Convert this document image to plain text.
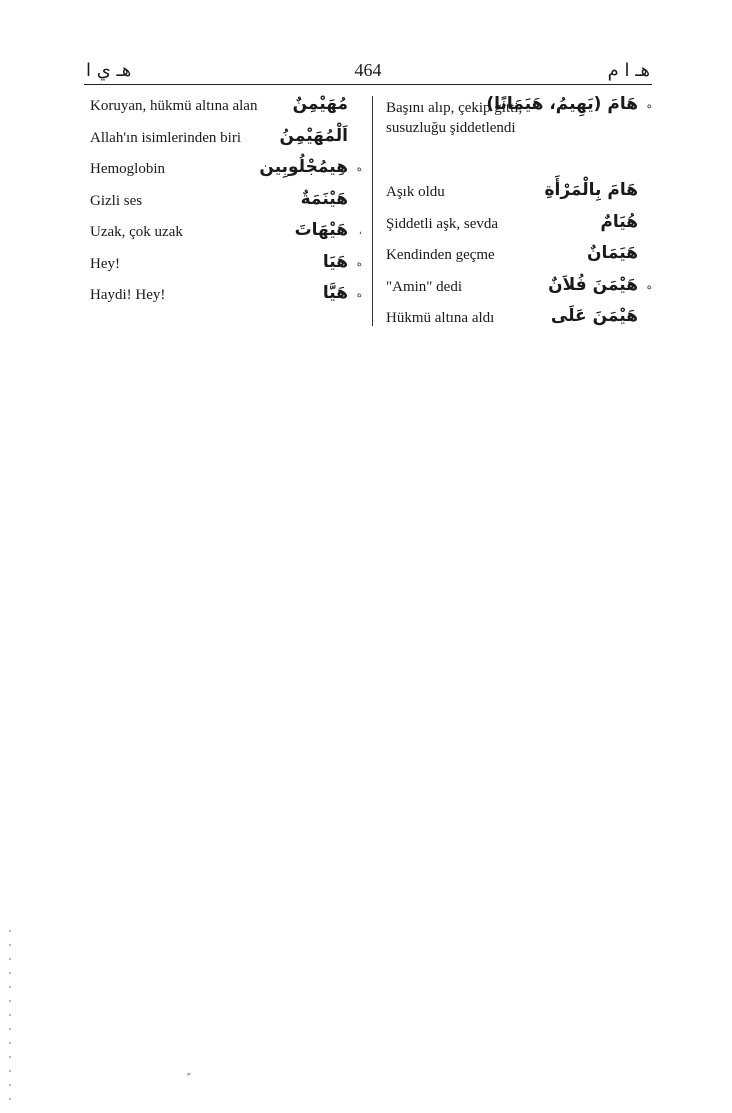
هـ ي ا	464	هـ ا م
Koruyan, hükmü altına alan مُهَيْمِنٌ
Allah'ın isimlerinden biri اَلْمُهَيْمِنُ
Hemoglobin	هِيمُجْلُوبِين ه
Gizli ses	هَيْنَمَةٌ
Uzak, çok uzak	هَيْهَاتَ ،
Hey!	هَيَا ه
Haydi! Hey!	هَيَّا ه
Başını alıp, çekip gitti, susuzluğu şiddetlendi
هَامَ (يَهِيمُ، هَيَمَانًا) ه
Aşık oldu	هَامَ بِالْمَرْأَةِ
Şiddetli aşk, sevda	هُيَامٌ
Kendinden geçme	هَيَمَانٌ
"Amin" dedi	هَيْمَنَ فُلاَنٌ ه
Hükmü altına aldı	هَيْمَنَ عَلَى
